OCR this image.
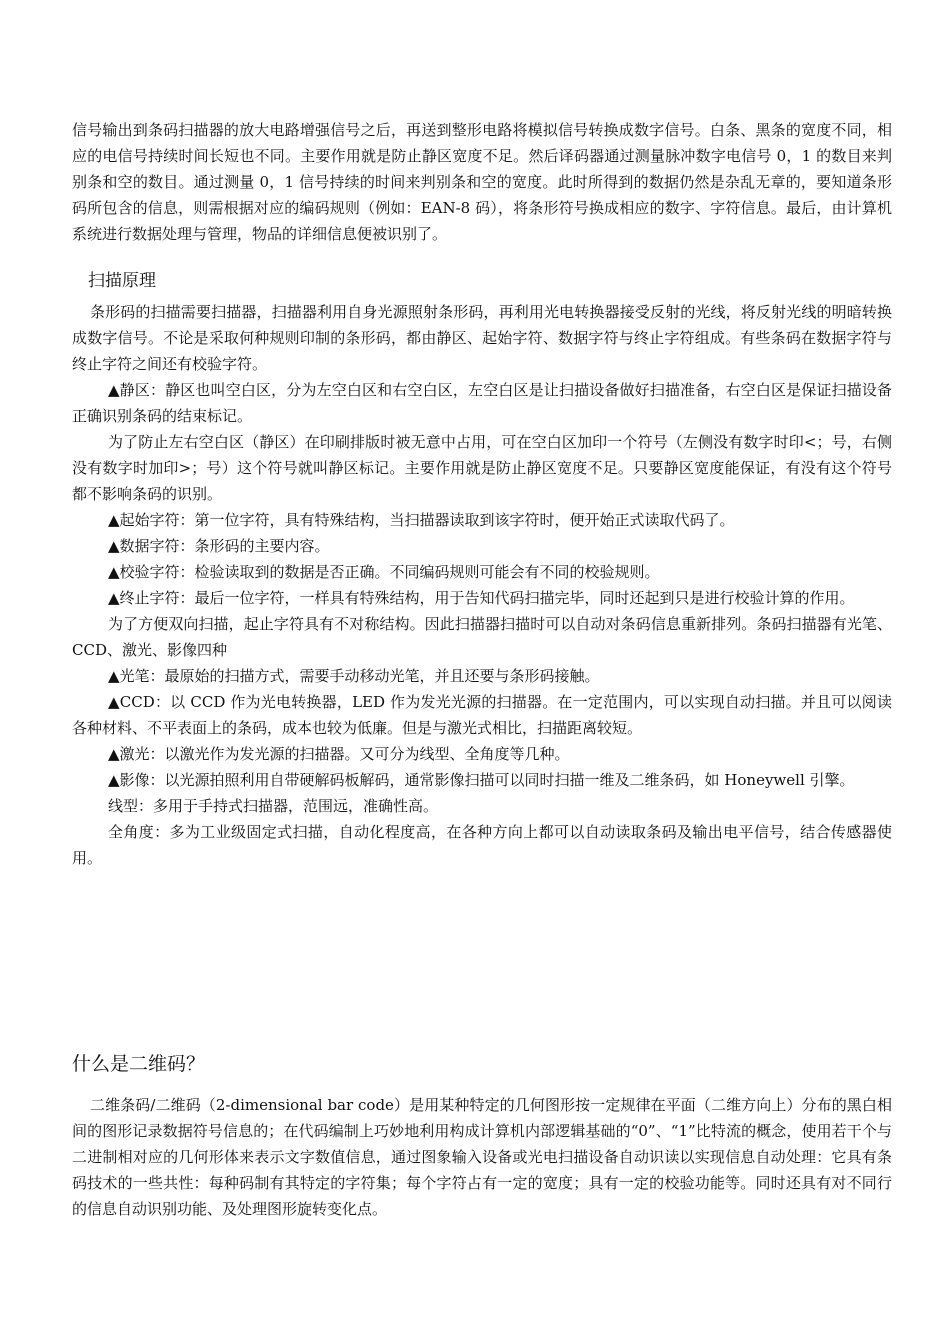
信号输出到条码扫描器的放大电路增强信号之后，再送到整形电路将模拟信号转换成数字信号。白条、黑条的宽度不同，相应的电信号持续时间长短也不同。主要作用就是防止静区宽度不足。然后译码器通过测量脉冲数字电信号 0，1 的数目来判别条和空的数目。通过测量 0，1 信号持续的时间来判别条和空的宽度。此时所得到的数据仍然是杂乱无章的，要知道条形码所包含的信息，则需根据对应的编码规则（例如：EAN-8 码），将条形符号换成相应的数字、字符信息。最后，由计算机系统进行数据处理与管理，物品的详细信息便被识别了。

扫描原理

条形码的扫描需要扫描器，扫描器利用自身光源照射条形码，再利用光电转换器接受反射的光线，将反射光线的明暗转换成数字信号。不论是采取何种规则印制的条形码，都由静区、起始字符、数据字符与终止字符组成。有些条码在数据字符与终止字符之间还有校验字符。

▲静区：静区也叫空白区，分为左空白区和右空白区，左空白区是让扫描设备做好扫描准备，右空白区是保证扫描设备正确识别条码的结束标记。

为了防止左右空白区（静区）在印刷排版时被无意中占用，可在空白区加印一个符号（左侧没有数字时印<；号，右侧没有数字时加印>；号）这个符号就叫静区标记。主要作用就是防止静区宽度不足。只要静区宽度能保证，有没有这个符号都不影响条码的识别。

▲起始字符：第一位字符，具有特殊结构，当扫描器读取到该字符时，便开始正式读取代码了。

▲数据字符：条形码的主要内容。

▲校验字符：检验读取到的数据是否正确。不同编码规则可能会有不同的校验规则。

▲终止字符：最后一位字符，一样具有特殊结构，用于告知代码扫描完毕，同时还起到只是进行校验计算的作用。

为了方便双向扫描，起止字符具有不对称结构。因此扫描器扫描时可以自动对条码信息重新排列。条码扫描器有光笔、CCD、激光、影像四种

▲光笔：最原始的扫描方式，需要手动移动光笔，并且还要与条形码接触。

▲CCD：以 CCD 作为光电转换器，LED 作为发光光源的扫描器。在一定范围内，可以实现自动扫描。并且可以阅读各种材料、不平表面上的条码，成本也较为低廉。但是与激光式相比，扫描距离较短。

▲激光：以激光作为发光源的扫描器。又可分为线型、全角度等几种。

▲影像：以光源拍照利用自带硬解码板解码，通常影像扫描可以同时扫描一维及二维条码，如 Honeywell 引擎。

线型：多用于手持式扫描器，范围远，准确性高。

全角度：多为工业级固定式扫描，自动化程度高，在各种方向上都可以自动读取条码及输出电平信号，结合传感器使用。

什么是二维码？

二维条码/二维码（2-dimensional bar code）是用某种特定的几何图形按一定规律在平面（二维方向上）分布的黑白相间的图形记录数据符号信息的；在代码编制上巧妙地利用构成计算机内部逻辑基础的“0”、“1”比特流的概念，使用若干个与二进制相对应的几何形体来表示文字数值信息，通过图象输入设备或光电扫描设备自动识读以实现信息自动处理：它具有条码技术的一些共性：每种码制有其特定的字符集；每个字符占有一定的宽度；具有一定的校验功能等。同时还具有对不同行的信息自动识别功能、及处理图形旋转变化点。
